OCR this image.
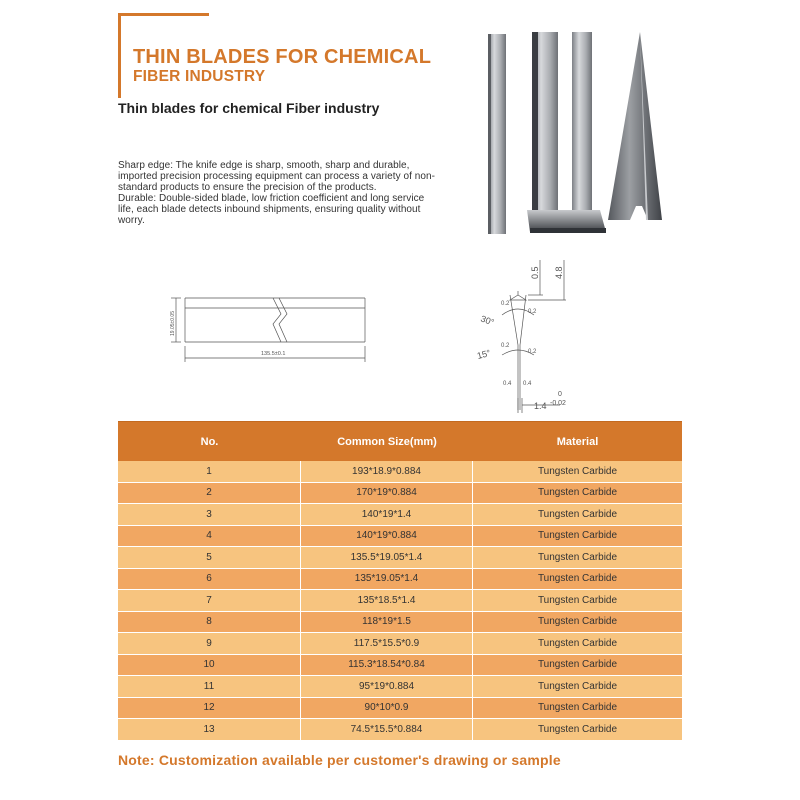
THIN BLADES FOR CHEMICAL
FIBER INDUSTRY
Thin blades for chemical Fiber industry

Sharp edge: The knife edge is sharp, smooth, sharp and durable, imported precision processing equipment can process a variety of non-standard products to ensure the precision of the products.

Durable: Double-sided blade, low friction coefficient and long service life, each blade detects inbound shipments, ensuring quality without worry.

19.05±0.05
135.5±0.1
0.5 4.8
30°
15°
0.2
0.2
0.2
0.2
0.4 0.4
1.4
0
-0.02
No.	Common Size(mm)	Material
1	193*18.9*0.884	Tungsten Carbide
2	170*19*0.884	Tungsten Carbide
3	140*19*1.4	Tungsten Carbide
4	140*19*0.884	Tungsten Carbide
5	135.5*19.05*1.4	Tungsten Carbide
6	135*19.05*1.4	Tungsten Carbide
7	135*18.5*1.4	Tungsten Carbide
8	118*19*1.5	Tungsten Carbide
9	117.5*15.5*0.9	Tungsten Carbide
10	115.3*18.54*0.84	Tungsten Carbide
11	95*19*0.884	Tungsten Carbide
12	90*10*0.9	Tungsten Carbide
13	74.5*15.5*0.884	Tungsten Carbide
Note: Customization available per customer's drawing or sample
